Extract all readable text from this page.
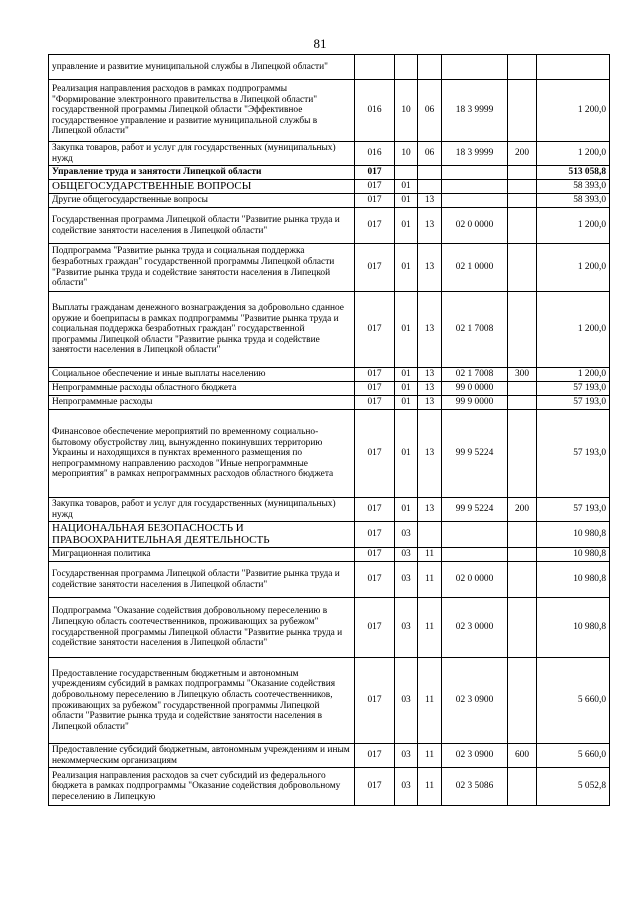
81
управление и развитие муниципальной службы в Липецкой области"						
Реализация направления расходов в рамках подпрограммы "Формирование электронного правительства в Липецкой области" государственной программы Липецкой области "Эффективное государственное управление и развитие муниципальной службы в Липецкой области"	016	10	06	18 3 9999		1 200,0
Закупка товаров, работ и услуг для государственных (муниципальных) нужд	016	10	06	18 3 9999	200	1 200,0
Управление труда и занятости Липецкой области	017					513 058,8
ОБЩЕГОСУДАРСТВЕННЫЕ ВОПРОСЫ	017	01				58 393,0
Другие общегосударственные вопросы	017	01	13			58 393,0
Государственная программа Липецкой области "Развитие рынка труда и содействие занятости населения в Липецкой области"	017	01	13	02 0 0000		1 200,0
Подпрограмма "Развитие рынка труда и социальная поддержка безработных граждан" государственной программы Липецкой области "Развитие рынка труда и содействие занятости населения в Липецкой области"	017	01	13	02 1 0000		1 200,0
Выплаты гражданам денежного вознаграждения за добровольно сданное оружие и боеприпасы в рамках подпрограммы "Развитие рынка труда и социальная поддержка безработных граждан" государственной программы Липецкой области "Развитие рынка труда и содействие занятости населения в Липецкой области"	017	01	13	02 1 7008		1 200,0
Социальное обеспечение и иные выплаты населению	017	01	13	02 1 7008	300	1 200,0
Непрограммные расходы областного бюджета	017	01	13	99 0 0000		57 193,0
Непрограммные расходы	017	01	13	99 9 0000		57 193,0
Финансовое обеспечение мероприятий по временному социально-бытовому обустройству лиц, вынужденно покинувших территорию Украины и находящихся в пунктах временного размещения по непрограммному направлению расходов "Иные непрограммные мероприятия" в рамках непрограммных расходов областного бюджета	017	01	13	99 9 5224		57 193,0
Закупка товаров, работ и услуг для государственных (муниципальных) нужд	017	01	13	99 9 5224	200	57 193,0
НАЦИОНАЛЬНАЯ БЕЗОПАСНОСТЬ И ПРАВООХРАНИТЕЛЬНАЯ ДЕЯТЕЛЬНОСТЬ	017	03				10 980,8
Миграционная политика	017	03	11			10 980,8
Государственная программа Липецкой области "Развитие рынка труда и содействие занятости населения в Липецкой области"	017	03	11	02 0 0000		10 980,8
Подпрограмма "Оказание содействия добровольному переселению в Липецкую область соотечественников, проживающих за рубежом" государственной программы Липецкой области "Развитие рынка труда и содействие занятости населения в Липецкой области"	017	03	11	02 3 0000		10 980,8
Предоставление государственным бюджетным и автономным учреждениям субсидий в рамках подпрограммы "Оказание содействия добровольному переселению в Липецкую область соотечественников, проживающих за рубежом" государственной программы Липецкой области "Развитие рынка труда и содействие занятости населения в Липецкой области"	017	03	11	02 3 0900		5 660,0
Предоставление субсидий бюджетным, автономным учреждениям и иным некоммерческим организациям	017	03	11	02 3 0900	600	5 660,0
Реализация направления расходов за счет субсидий из федерального бюджета в рамках подпрограммы "Оказание содействия добровольному переселению в Липецкую	017	03	11	02 3 5086		5 052,8
